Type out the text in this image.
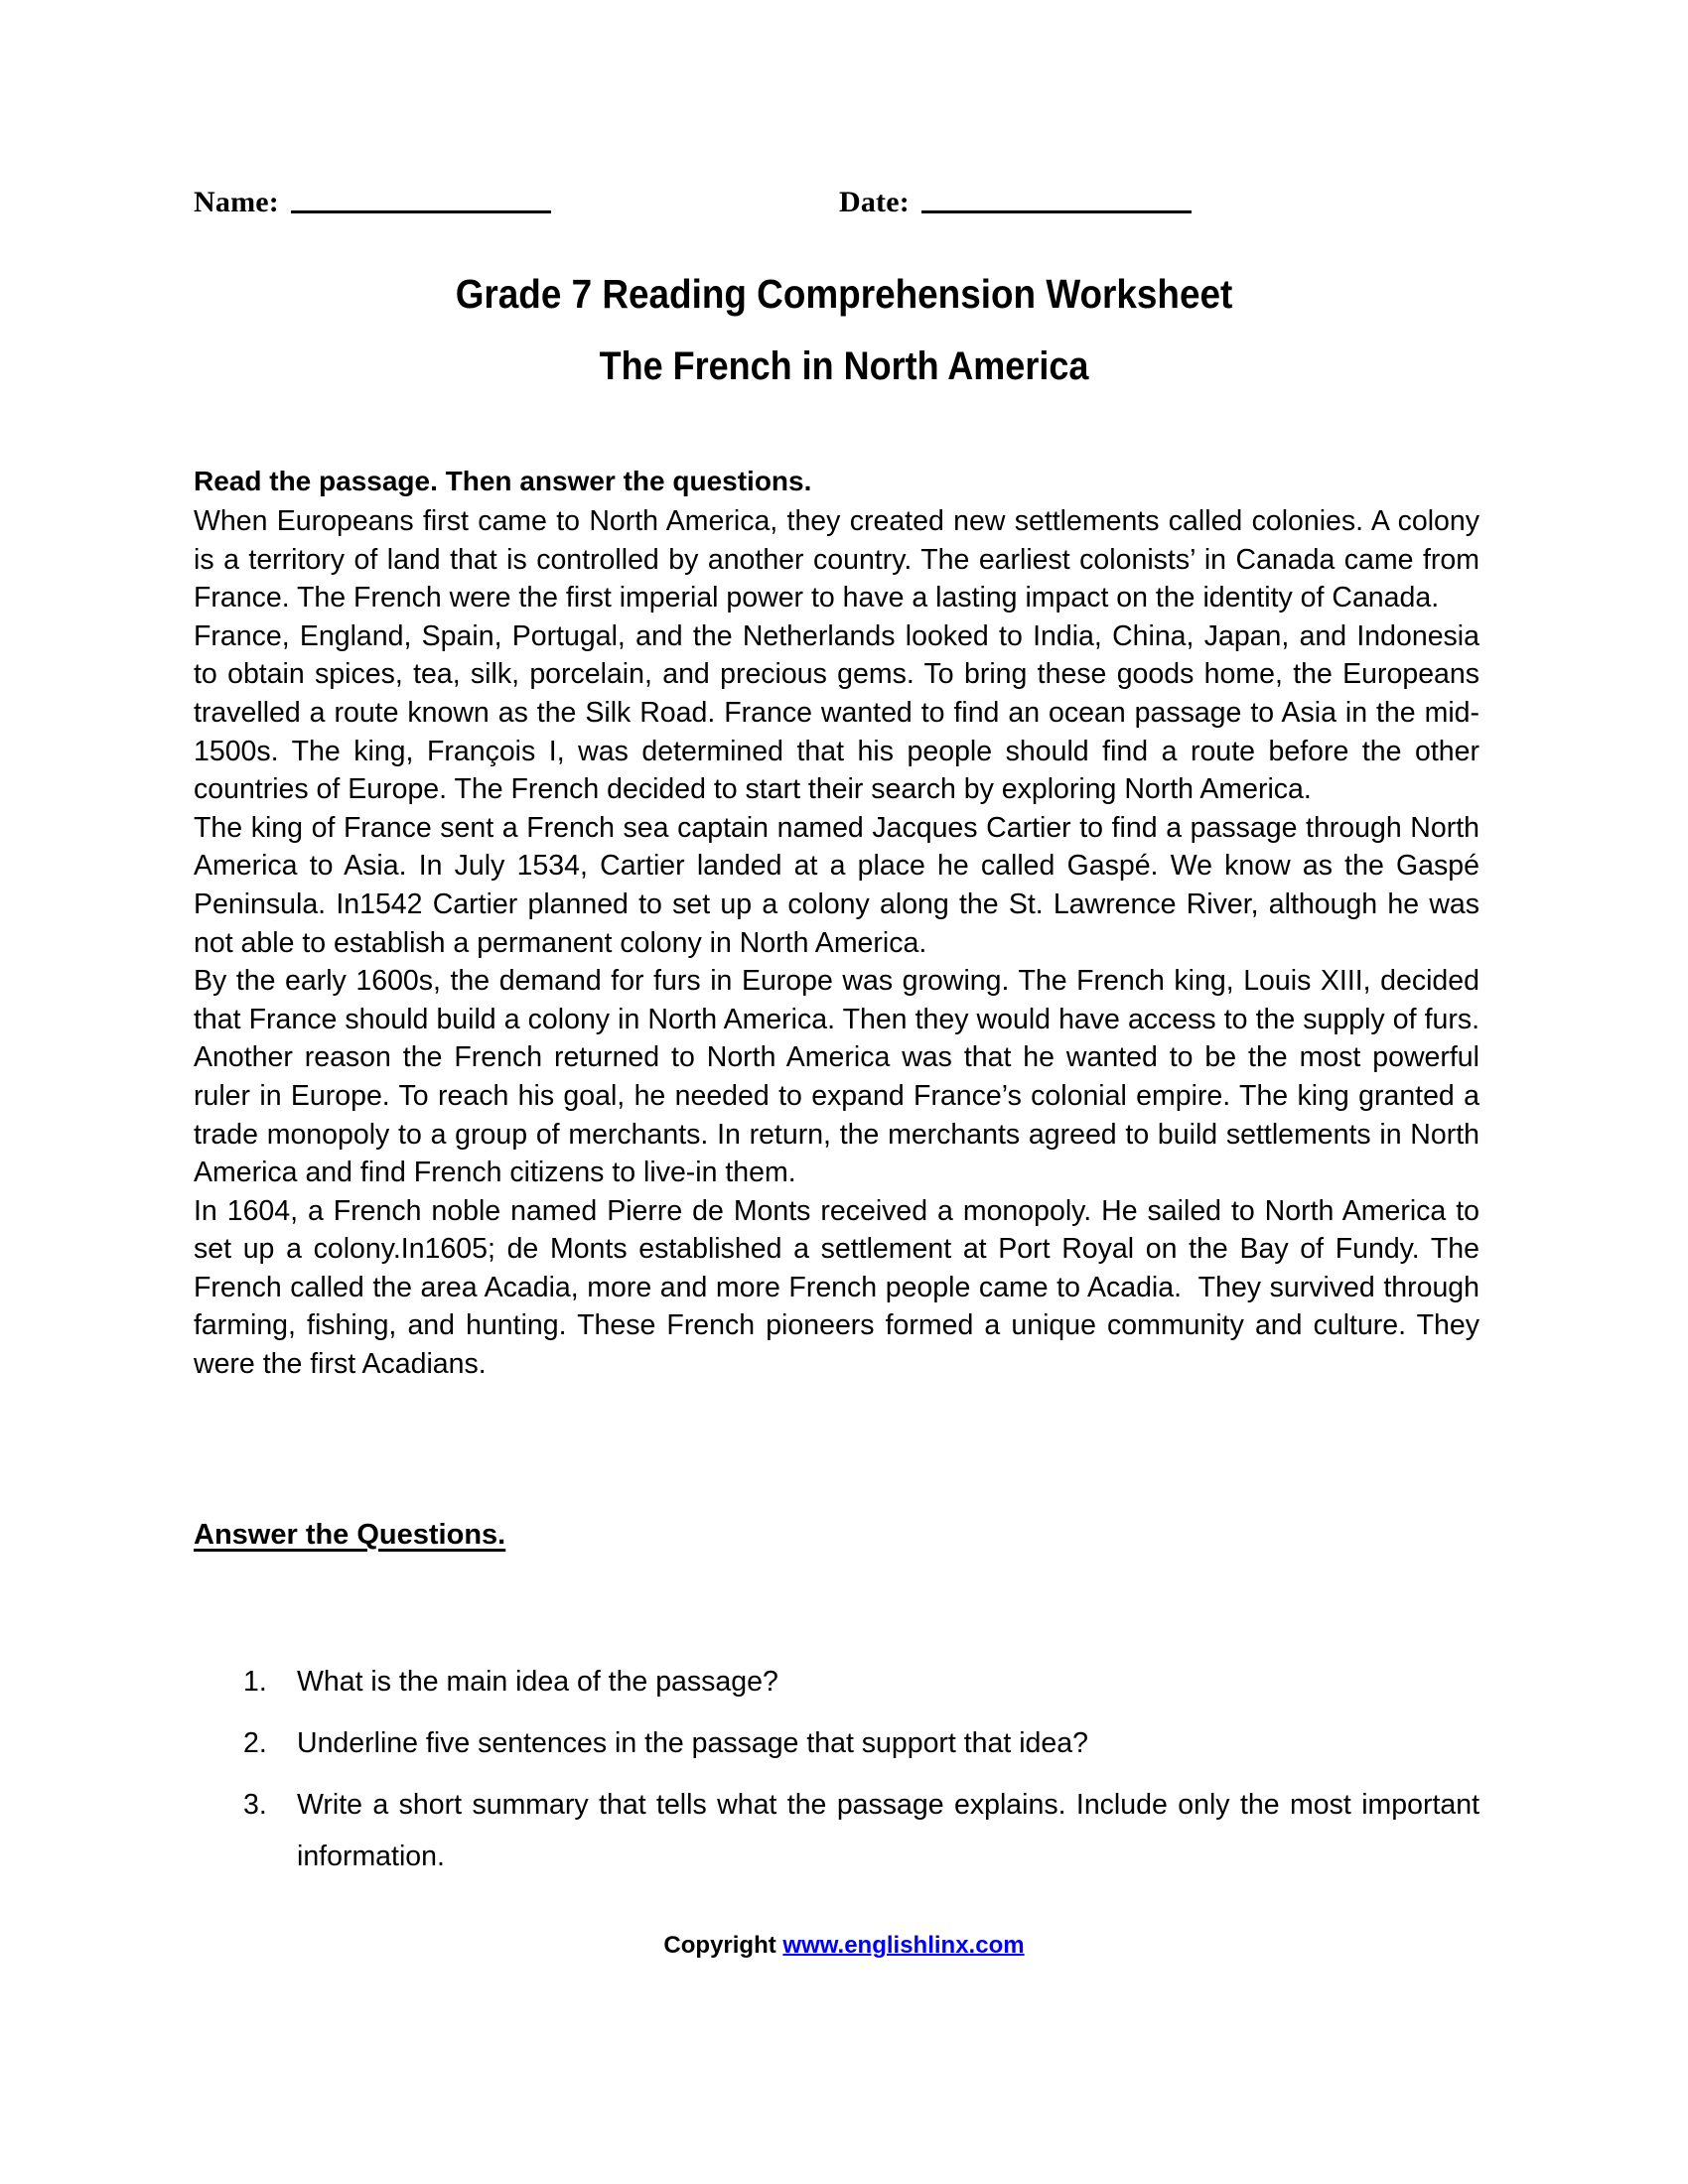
Name:	Date:
Grade 7 Reading Comprehension Worksheet
The French in North America

Read the passage. Then answer the questions.

When Europeans first came to North America, they created new settlements called colonies. A colony is a territory of land that is controlled by another country. The earliest colonists’ in Canada came from France. The French were the first imperial power to have a lasting impact on the identity of Canada.

France, England, Spain, Portugal, and the Netherlands looked to India, China, Japan, and Indonesia to obtain spices, tea, silk, porcelain, and precious gems. To bring these goods home, the Europeans travelled a route known as the Silk Road. France wanted to find an ocean passage to Asia in the mid-1500s. The king, François I, was determined that his people should find a route before the other countries of Europe. The French decided to start their search by exploring North America.

The king of France sent a French sea captain named Jacques Cartier to find a passage through North America to Asia. In July 1534, Cartier landed at a place he called Gaspé. We know as the Gaspé Peninsula. In1542 Cartier planned to set up a colony along the St. Lawrence River, although he was not able to establish a permanent colony in North America.

By the early 1600s, the demand for furs in Europe was growing. The French king, Louis XIII, decided that France should build a colony in North America. Then they would have access to the supply of furs. Another reason the French returned to North America was that he wanted to be the most powerful ruler in Europe. To reach his goal, he needed to expand France’s colonial empire. The king granted a trade monopoly to a group of merchants. In return, the merchants agreed to build settlements in North America and find French citizens to live-in them.

In 1604, a French noble named Pierre de Monts received a monopoly. He sailed to North America to set up a colony.In1605; de Monts established a settlement at Port Royal on the Bay of Fundy. The French called the area Acadia, more and more French people came to Acadia.  They survived through farming, fishing, and hunting. These French pioneers formed a unique community and culture. They were the first Acadians.

Answer the Questions.
1.	What is the main idea of the passage?
2.	Underline five sentences in the passage that support that idea?
3.	Write a short summary that tells what the passage explains. Include only the most important information.
Copyright www.englishlinx.com
